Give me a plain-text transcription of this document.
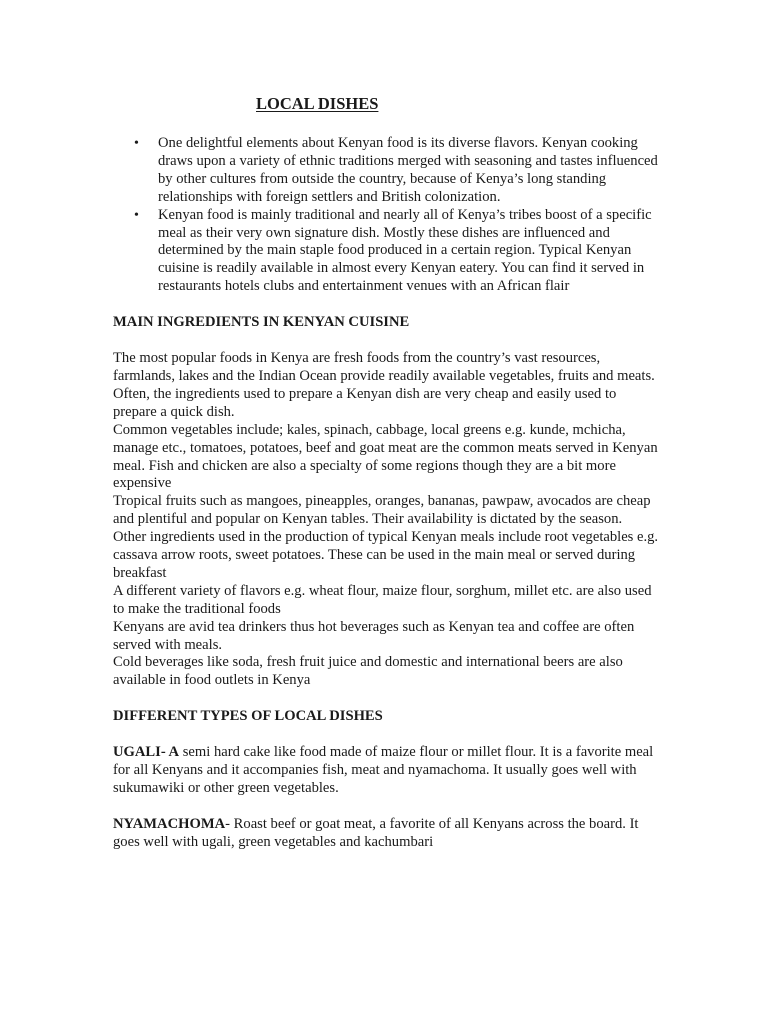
LOCAL DISHES
• One delightful elements about Kenyan food is its diverse flavors. Kenyan cooking draws upon a variety of ethnic traditions merged with seasoning and tastes influenced by other cultures from outside the country, because of Kenya’s long standing relationships with foreign settlers and British colonization.
• Kenyan food is mainly traditional and nearly all of Kenya’s tribes boost of a specific meal as their very own signature dish. Mostly these dishes are influenced and determined by the main staple food produced in a certain region. Typical Kenyan cuisine is readily available in almost every Kenyan eatery. You can find it served in restaurants hotels clubs and entertainment venues with an African flair
MAIN INGREDIENTS IN KENYAN CUISINE

The most popular foods in Kenya are fresh foods from the country’s vast resources, farmlands, lakes and the Indian Ocean provide readily available vegetables, fruits and meats. Often, the ingredients used to prepare a Kenyan dish are very cheap and easily used to prepare a quick dish.

Common vegetables include; kales, spinach, cabbage, local greens e.g. kunde, mchicha, manage etc., tomatoes, potatoes, beef and goat meat are the common meats served in Kenyan meal. Fish and chicken are also a specialty of some regions though they are a bit more expensive

Tropical fruits such as mangoes, pineapples, oranges, bananas, pawpaw, avocados are cheap and plentiful and popular on Kenyan tables. Their availability is dictated by the season.

Other ingredients used in the production of typical Kenyan meals include root vegetables e.g. cassava arrow roots, sweet potatoes. These can be used in the main meal or served during breakfast

A different variety of flavors e.g. wheat flour, maize flour, sorghum, millet etc. are also used to make the traditional foods

Kenyans are avid tea drinkers thus hot beverages such as Kenyan tea and coffee are often served with meals.

Cold beverages like soda, fresh fruit juice and domestic and international beers are also available in food outlets in Kenya

DIFFERENT TYPES OF LOCAL DISHES
UGALI- A semi hard cake like food made of maize flour or millet flour. It is a favorite meal for all Kenyans and it accompanies fish, meat and nyamachoma. It usually goes well with sukumawiki or other green vegetables.
NYAMACHOMA- Roast beef or goat meat, a favorite of all Kenyans across the board. It goes well with ugali, green vegetables and kachumbari
